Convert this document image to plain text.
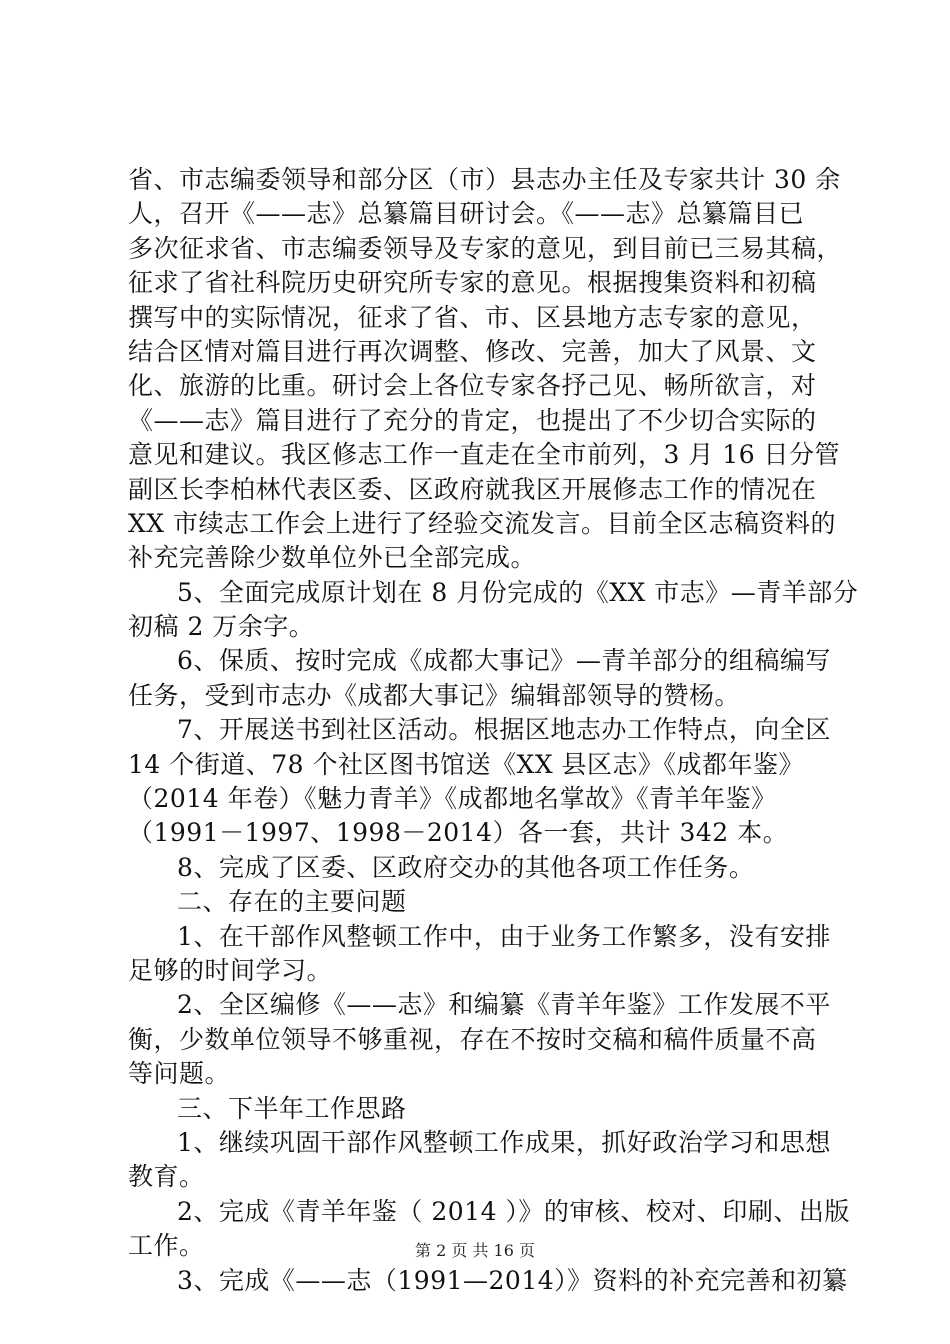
省、市志编委领导和部分区（市）县志办主任及专家共计 30 余
人，召开《——志》总纂篇目研讨会。《——志》总纂篇目已
多次征求省、市志编委领导及专家的意见，到目前已三易其稿，
征求了省社科院历史研究所专家的意见。根据搜集资料和初稿
撰写中的实际情况，征求了省、市、区县地方志专家的意见，
结合区情对篇目进行再次调整、修改、完善，加大了风景、文
化、旅游的比重。研讨会上各位专家各抒己见、畅所欲言，对
《——志》篇目进行了充分的肯定，也提出了不少切合实际的
意见和建议。我区修志工作一直走在全市前列，3 月 16 日分管
副区长李柏林代表区委、区政府就我区开展修志工作的情况在
XX 市续志工作会上进行了经验交流发言。目前全区志稿资料的
补充完善除少数单位外已全部完成。
5、全面完成原计划在 8 月份完成的《XX 市志》—青羊部分
初稿 2 万余字。
6、保质、按时完成《成都大事记》—青羊部分的组稿编写
任务，受到市志办《成都大事记》编辑部领导的赞杨。
7、开展送书到社区活动。根据区地志办工作特点，向全区
14 个街道、78 个社区图书馆送《XX 县区志》《成都年鉴》
（2014 年卷）《魅力青羊》《成都地名掌故》《青羊年鉴》
（1991－1997、1998－2014）各一套，共计 342 本。
8、完成了区委、区政府交办的其他各项工作任务。
二、存在的主要问题
1、在干部作风整顿工作中，由于业务工作繁多，没有安排
足够的时间学习。
2、全区编修《——志》和编纂《青羊年鉴》工作发展不平
衡，少数单位领导不够重视，存在不按时交稿和稿件质量不高
等问题。
三、下半年工作思路
1、继续巩固干部作风整顿工作成果，抓好政治学习和思想
教育。
2、完成《青羊年鉴（ 2014 ）》的审核、校对、印刷、出版
工作。
3、完成《——志（1991—2014）》资料的补充完善和初纂
第 2 页 共 16 页
